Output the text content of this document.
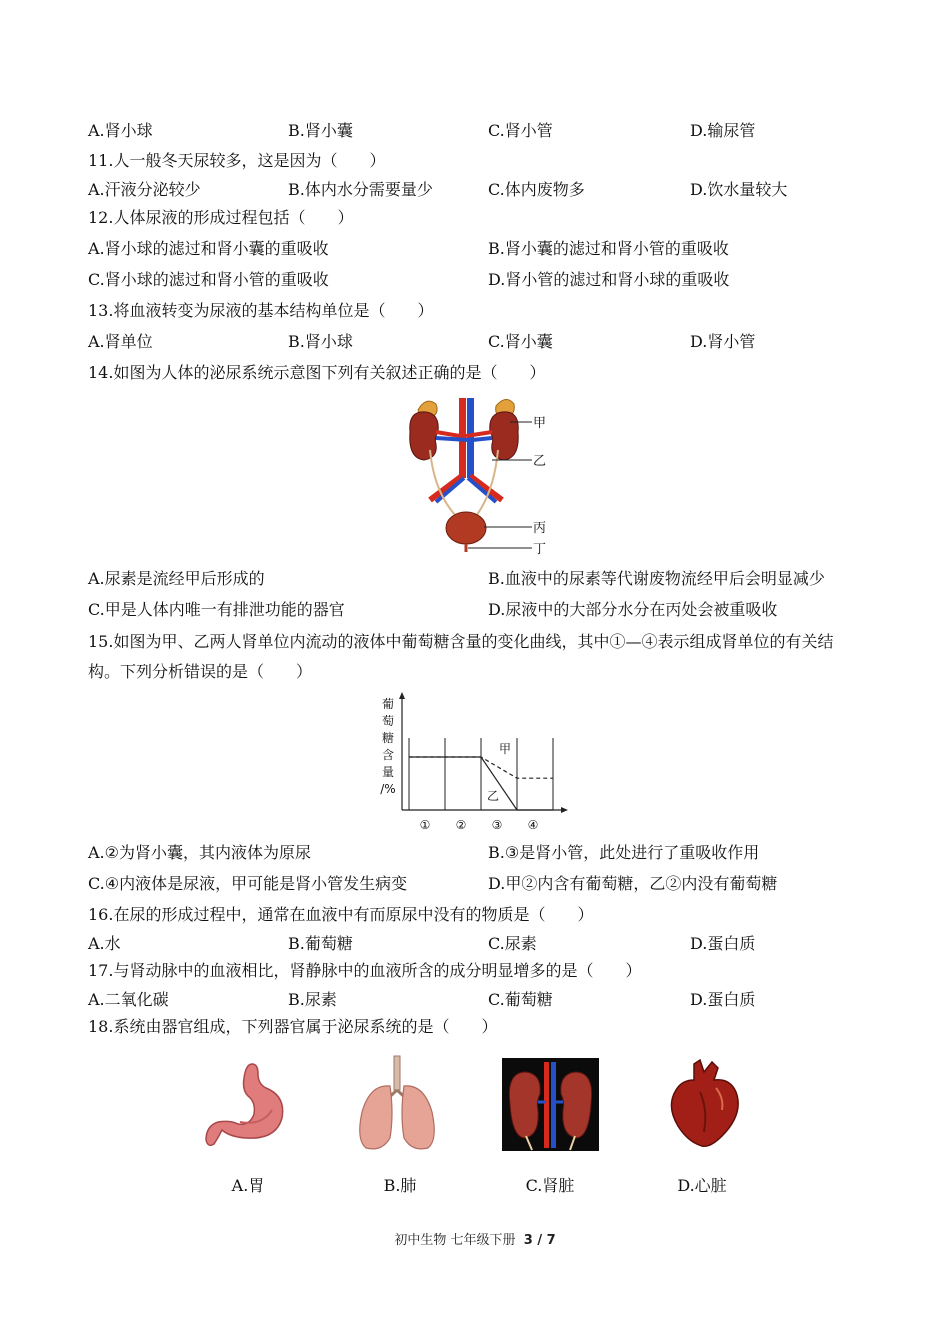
A.肾小球	B.肾小囊	C.肾小管	D.输尿管
11.人一般冬天尿较多，这是因为（　　）
A.汗液分泌较少	B.体内水分需要量少	C.体内废物多	D.饮水量较大
12.人体尿液的形成过程包括（　　）
A.肾小球的滤过和肾小囊的重吸收	B.肾小囊的滤过和肾小管的重吸收
C.肾小球的滤过和肾小管的重吸收	D.肾小管的滤过和肾小球的重吸收
13.将血液转变为尿液的基本结构单位是（　　）
A.肾单位	B.肾小球	C.肾小囊	D.肾小管
14.如图为人体的泌尿系统示意图下列有关叙述正确的是（　　）
甲
乙
丙
丁
A.尿素是流经甲后形成的	B.血液中的尿素等代谢废物流经甲后会明显减少
C.甲是人体内唯一有排泄功能的器官	D.尿液中的大部分水分在丙处会被重吸收
15.如图为甲、乙两人肾单位内流动的液体中葡萄糖含量的变化曲线，其中①—④表示组成肾单位的有关结
构。下列分析错误的是（　　）
葡
萄
糖
含
量
/%
甲
乙
① ② ③ ④
A.②为肾小囊，其内液体为原尿	B.③是肾小管，此处进行了重吸收作用
C.④内液体是尿液，甲可能是肾小管发生病变	D.甲②内含有葡萄糖，乙②内没有葡萄糖
16.在尿的形成过程中，通常在血液中有而原尿中没有的物质是（　　）
A.水	B.葡萄糖	C.尿素	D.蛋白质
17.与肾动脉中的血液相比，肾静脉中的血液所含的成分明显增多的是（　　）
A.二氧化碳	B.尿素	C.葡萄糖	D.蛋白质
18.系统由器官组成，下列器官属于泌尿系统的是（　　）
A.胃	B.肺	C.肾脏	D.心脏
初中生物 七年级下册 3 / 7
